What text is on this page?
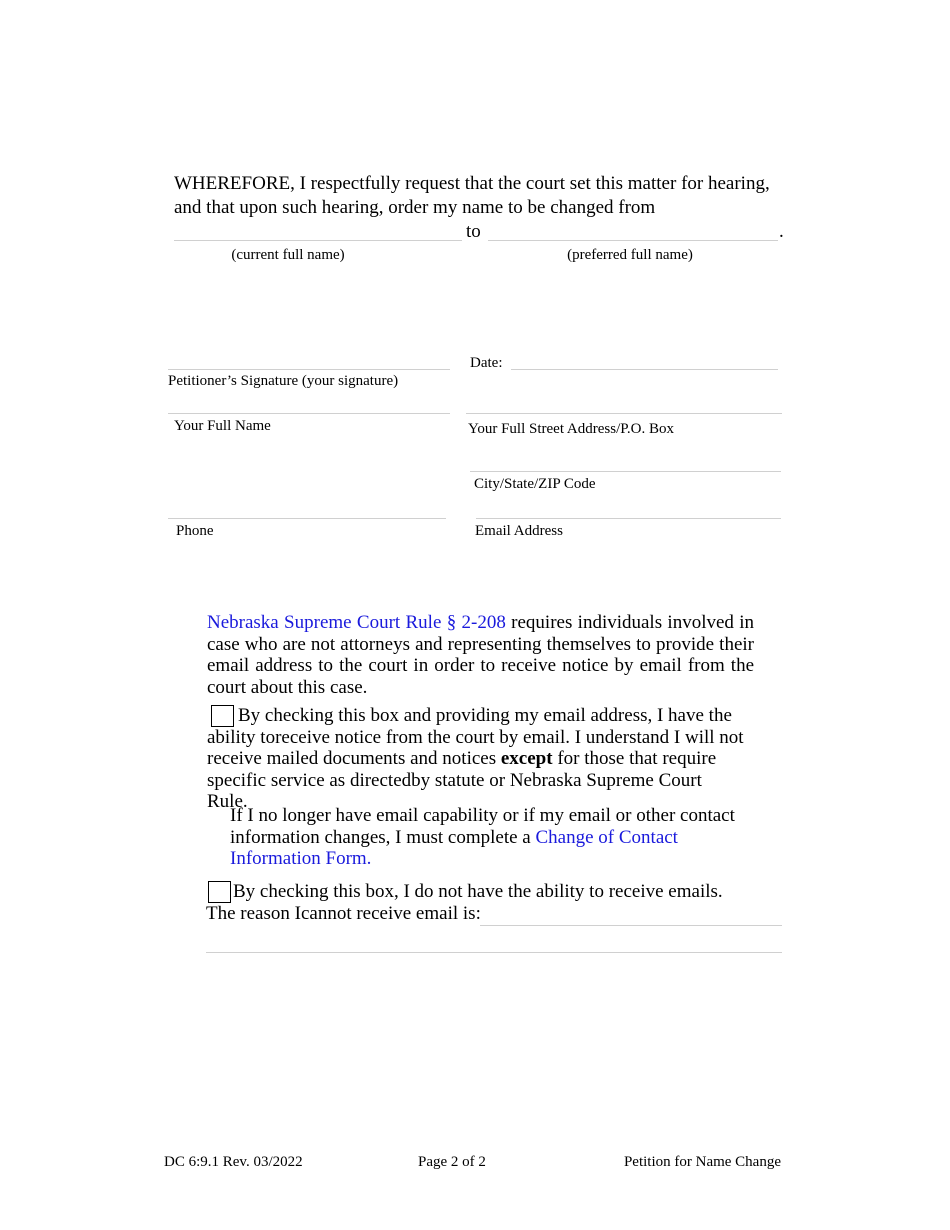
WHEREFORE, I respectfully request that the court set this matter for hearing,
and that upon such hearing, order my name to be changed from
to	.
(current full name)	(preferred full name)
Petitioner’s Signature (your signature)
Date:
Your Full Name	Your Full Street Address/P.O. Box
City/State/ZIP Code
Phone	Email Address
Nebraska Supreme Court Rule § 2-208 requires individuals involved in
case who are not attorneys and representing themselves to provide their
email address to the court in order to receive notice by email from the
court about this case.
By checking this box and providing my email address, I have the
ability toreceive notice from the court by email. I understand I will not
receive mailed documents and notices except for those that require
specific service as directedby statute or Nebraska Supreme Court Rule.
If I no longer have email capability or if my email or other contact
information changes, I must complete a Change of Contact
Information Form.
By checking this box, I do not have the ability to receive emails.
The reason Icannot receive email is:
DC 6:9.1 Rev. 03/2022	Page 2 of 2	Petition for Name Change
